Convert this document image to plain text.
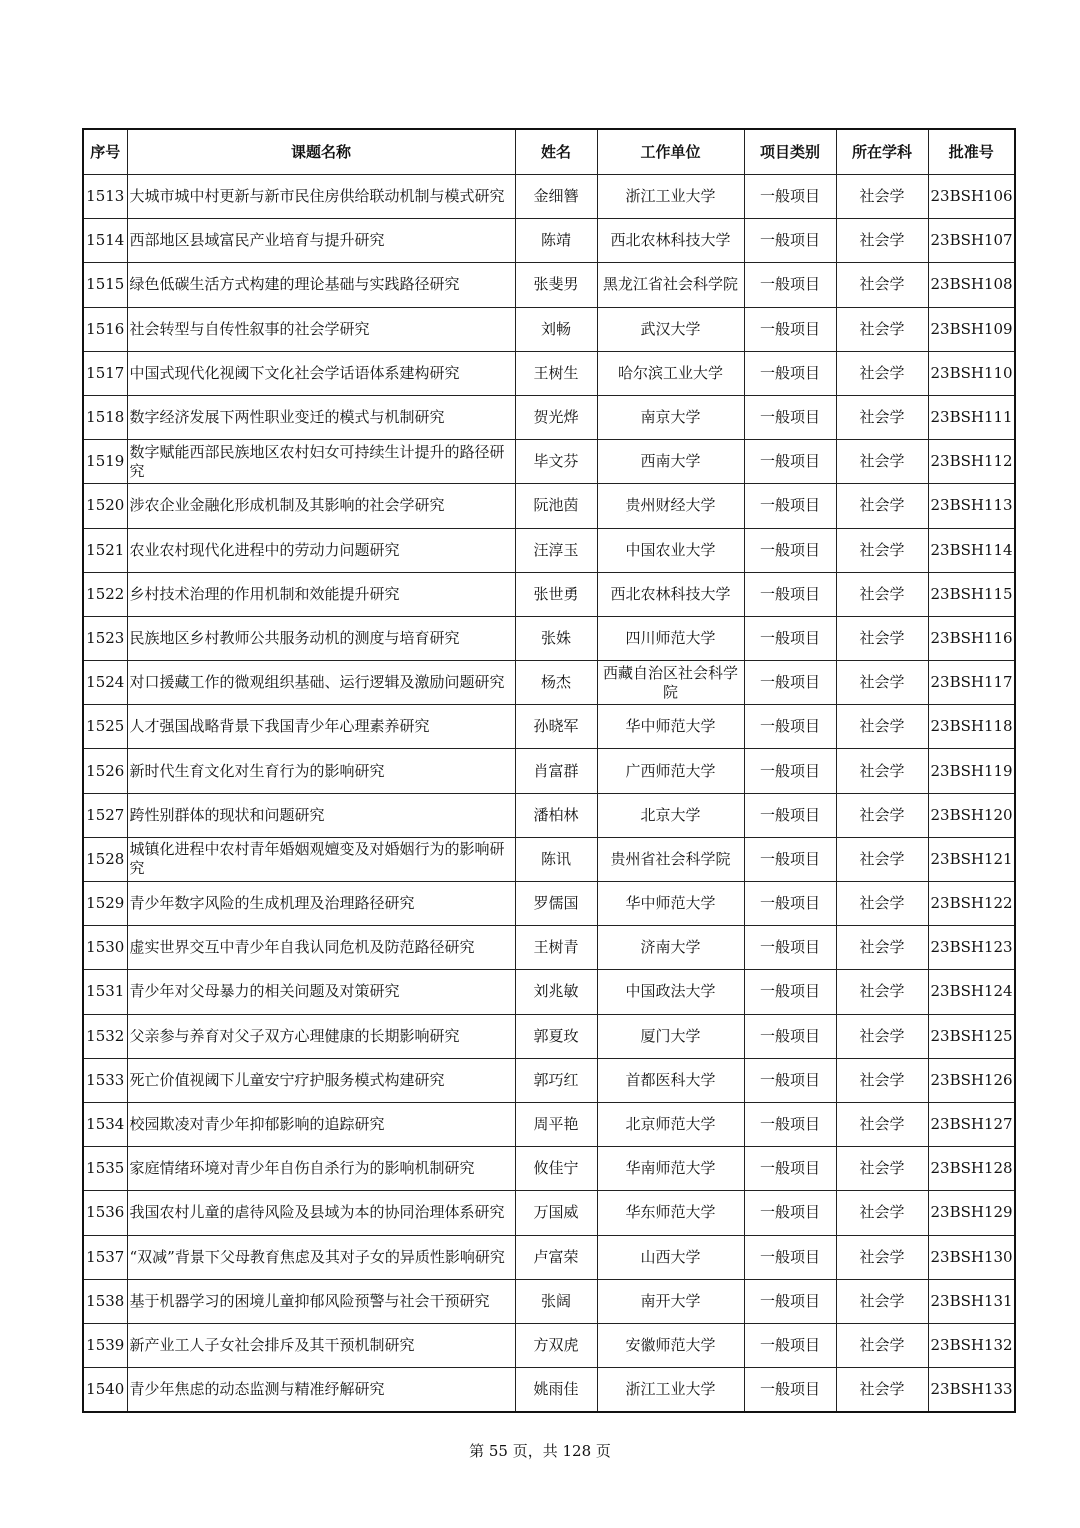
序号	课题名称	姓名	工作单位	项目类别	所在学科	批准号
1513	大城市城中村更新与新市民住房供给联动机制与模式研究	金细簪	浙江工业大学	一般项目	社会学	23BSH106
1514	西部地区县域富民产业培育与提升研究	陈靖	西北农林科技大学	一般项目	社会学	23BSH107
1515	绿色低碳生活方式构建的理论基础与实践路径研究	张斐男	黑龙江省社会科学院	一般项目	社会学	23BSH108
1516	社会转型与自传性叙事的社会学研究	刘畅	武汉大学	一般项目	社会学	23BSH109
1517	中国式现代化视阈下文化社会学话语体系建构研究	王树生	哈尔滨工业大学	一般项目	社会学	23BSH110
1518	数字经济发展下两性职业变迁的模式与机制研究	贺光烨	南京大学	一般项目	社会学	23BSH111
1519	数字赋能西部民族地区农村妇女可持续生计提升的路径研究	毕文芬	西南大学	一般项目	社会学	23BSH112
1520	涉农企业金融化形成机制及其影响的社会学研究	阮池茵	贵州财经大学	一般项目	社会学	23BSH113
1521	农业农村现代化进程中的劳动力问题研究	汪淳玉	中国农业大学	一般项目	社会学	23BSH114
1522	乡村技术治理的作用机制和效能提升研究	张世勇	西北农林科技大学	一般项目	社会学	23BSH115
1523	民族地区乡村教师公共服务动机的测度与培育研究	张姝	四川师范大学	一般项目	社会学	23BSH116
1524	对口援藏工作的微观组织基础、运行逻辑及激励问题研究	杨杰	西藏自治区社会科学院	一般项目	社会学	23BSH117
1525	人才强国战略背景下我国青少年心理素养研究	孙晓军	华中师范大学	一般项目	社会学	23BSH118
1526	新时代生育文化对生育行为的影响研究	肖富群	广西师范大学	一般项目	社会学	23BSH119
1527	跨性别群体的现状和问题研究	潘柏林	北京大学	一般项目	社会学	23BSH120
1528	城镇化进程中农村青年婚姻观嬗变及对婚姻行为的影响研究	陈讯	贵州省社会科学院	一般项目	社会学	23BSH121
1529	青少年数字风险的生成机理及治理路径研究	罗儒国	华中师范大学	一般项目	社会学	23BSH122
1530	虚实世界交互中青少年自我认同危机及防范路径研究	王树青	济南大学	一般项目	社会学	23BSH123
1531	青少年对父母暴力的相关问题及对策研究	刘兆敏	中国政法大学	一般项目	社会学	23BSH124
1532	父亲参与养育对父子双方心理健康的长期影响研究	郭夏玫	厦门大学	一般项目	社会学	23BSH125
1533	死亡价值视阈下儿童安宁疗护服务模式构建研究	郭巧红	首都医科大学	一般项目	社会学	23BSH126
1534	校园欺凌对青少年抑郁影响的追踪研究	周平艳	北京师范大学	一般项目	社会学	23BSH127
1535	家庭情绪环境对青少年自伤自杀行为的影响机制研究	攸佳宁	华南师范大学	一般项目	社会学	23BSH128
1536	我国农村儿童的虐待风险及县域为本的协同治理体系研究	万国威	华东师范大学	一般项目	社会学	23BSH129
1537	“双减”背景下父母教育焦虑及其对子女的异质性影响研究	卢富荣	山西大学	一般项目	社会学	23BSH130
1538	基于机器学习的困境儿童抑郁风险预警与社会干预研究	张阔	南开大学	一般项目	社会学	23BSH131
1539	新产业工人子女社会排斥及其干预机制研究	方双虎	安徽师范大学	一般项目	社会学	23BSH132
1540	青少年焦虑的动态监测与精准纾解研究	姚雨佳	浙江工业大学	一般项目	社会学	23BSH133
第 55 页，共 128 页
